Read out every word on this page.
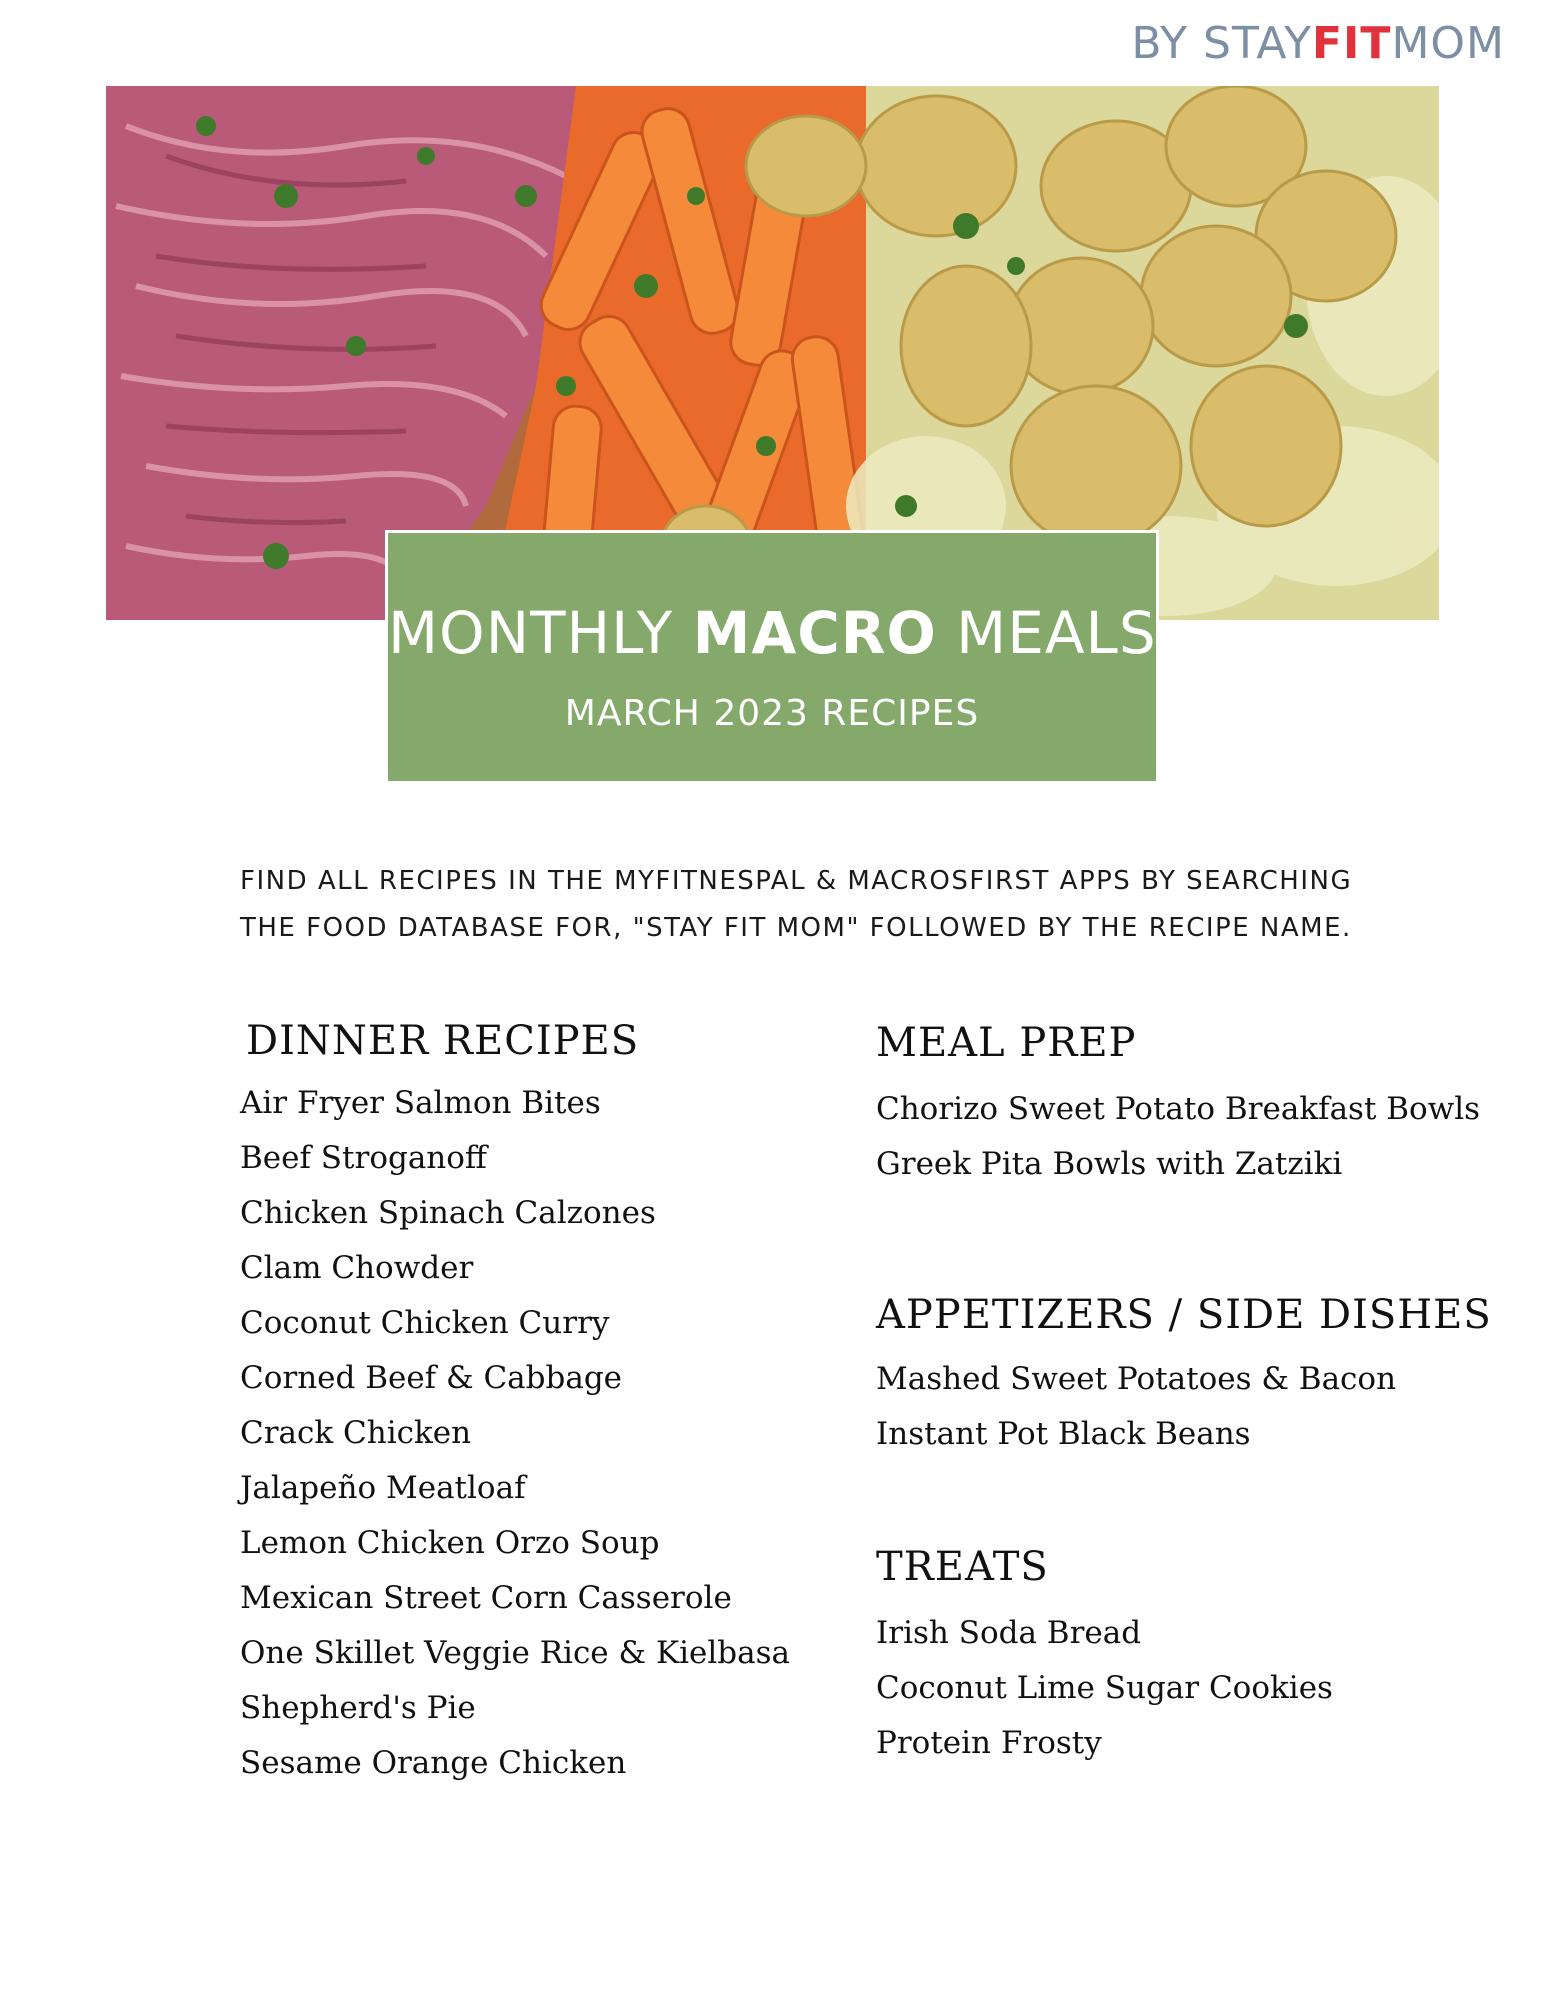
BY STAYFITMOM
MONTHLY MACRO MEALS
MARCH 2023 RECIPES
FIND ALL RECIPES IN THE MYFITNESPAL & MACROSFIRST APPS BY SEARCHING
THE FOOD DATABASE FOR, "STAY FIT MOM" FOLLOWED BY THE RECIPE NAME.
DINNER RECIPES
Air Fryer Salmon Bites
Beef Stroganoff
Chicken Spinach Calzones
Clam Chowder
Coconut Chicken Curry
Corned Beef & Cabbage
Crack Chicken
Jalapeño Meatloaf
Lemon Chicken Orzo Soup
Mexican Street Corn Casserole
One Skillet Veggie Rice & Kielbasa
Shepherd's Pie
Sesame Orange Chicken
MEAL PREP
Chorizo Sweet Potato Breakfast Bowls
Greek Pita Bowls with Zatziki
APPETIZERS / SIDE DISHES
Mashed Sweet Potatoes & Bacon
Instant Pot Black Beans
TREATS
Irish Soda Bread
Coconut Lime Sugar Cookies
Protein Frosty
